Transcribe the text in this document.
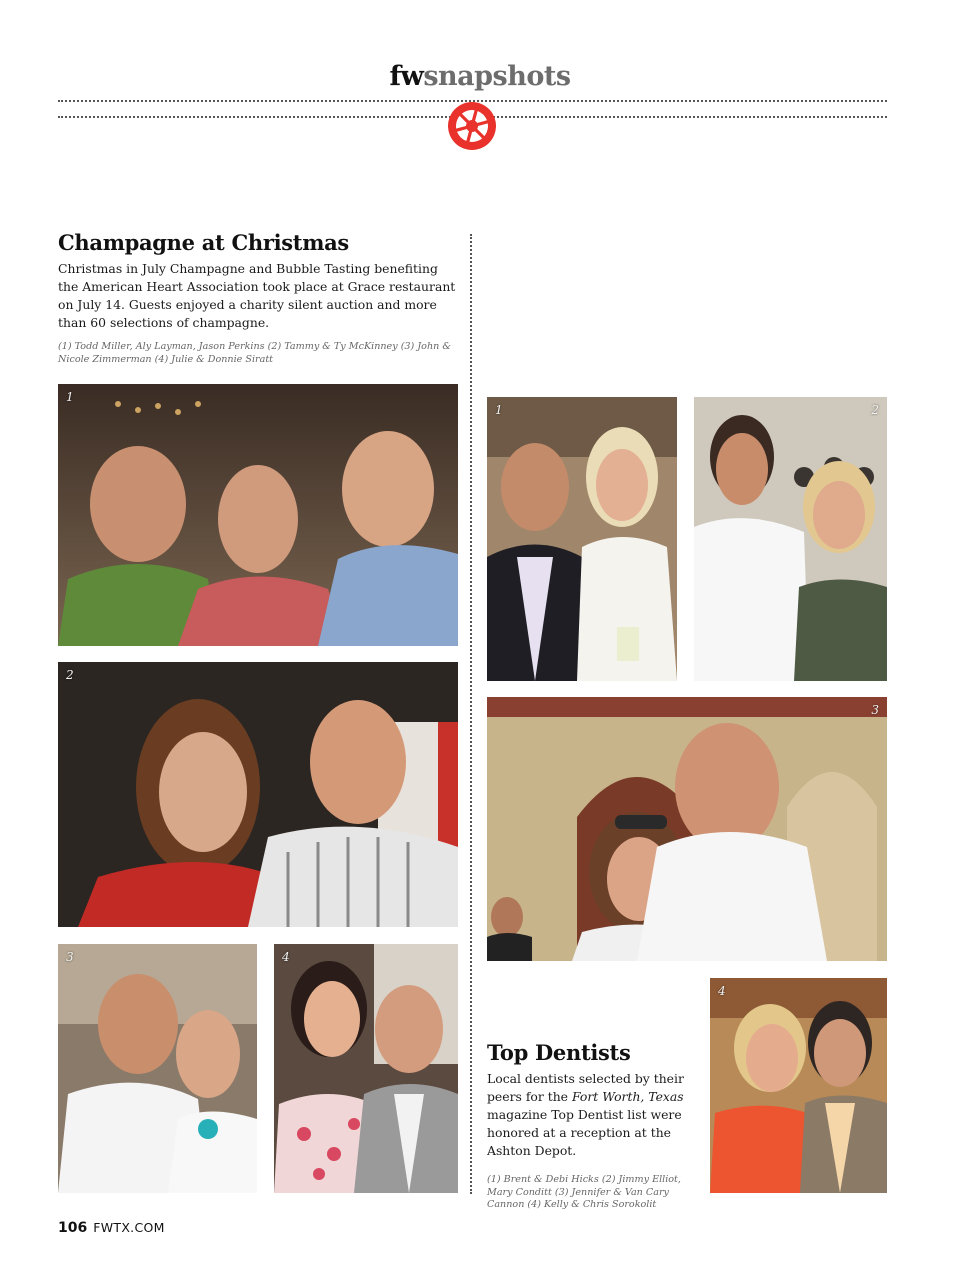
fwsnapshots
Champagne at Christmas

Christmas in July Champagne and Bubble Tasting benefiting the American Heart Association took place at Grace restaurant on July 14. Guests enjoyed a charity silent auction and more than 60 selections of champagne.

(1) Todd Miller, Aly Layman, Jason Perkins (2) Tammy & Ty McKinney (3) John & Nicole Zimmerman (4) Julie & Donnie Siratt

1
2
3	4
1	2
3
4
Top Dentists

Local dentists selected by their peers for the Fort Worth, Texas magazine Top Dentist list were honored at a reception at the Ashton Depot.

(1) Brent & Debi Hicks (2) Jimmy Elliot, Mary Conditt (3) Jennifer & Van Cary Cannon (4) Kelly & Chris Sorokolit

106 FWTX.COM
